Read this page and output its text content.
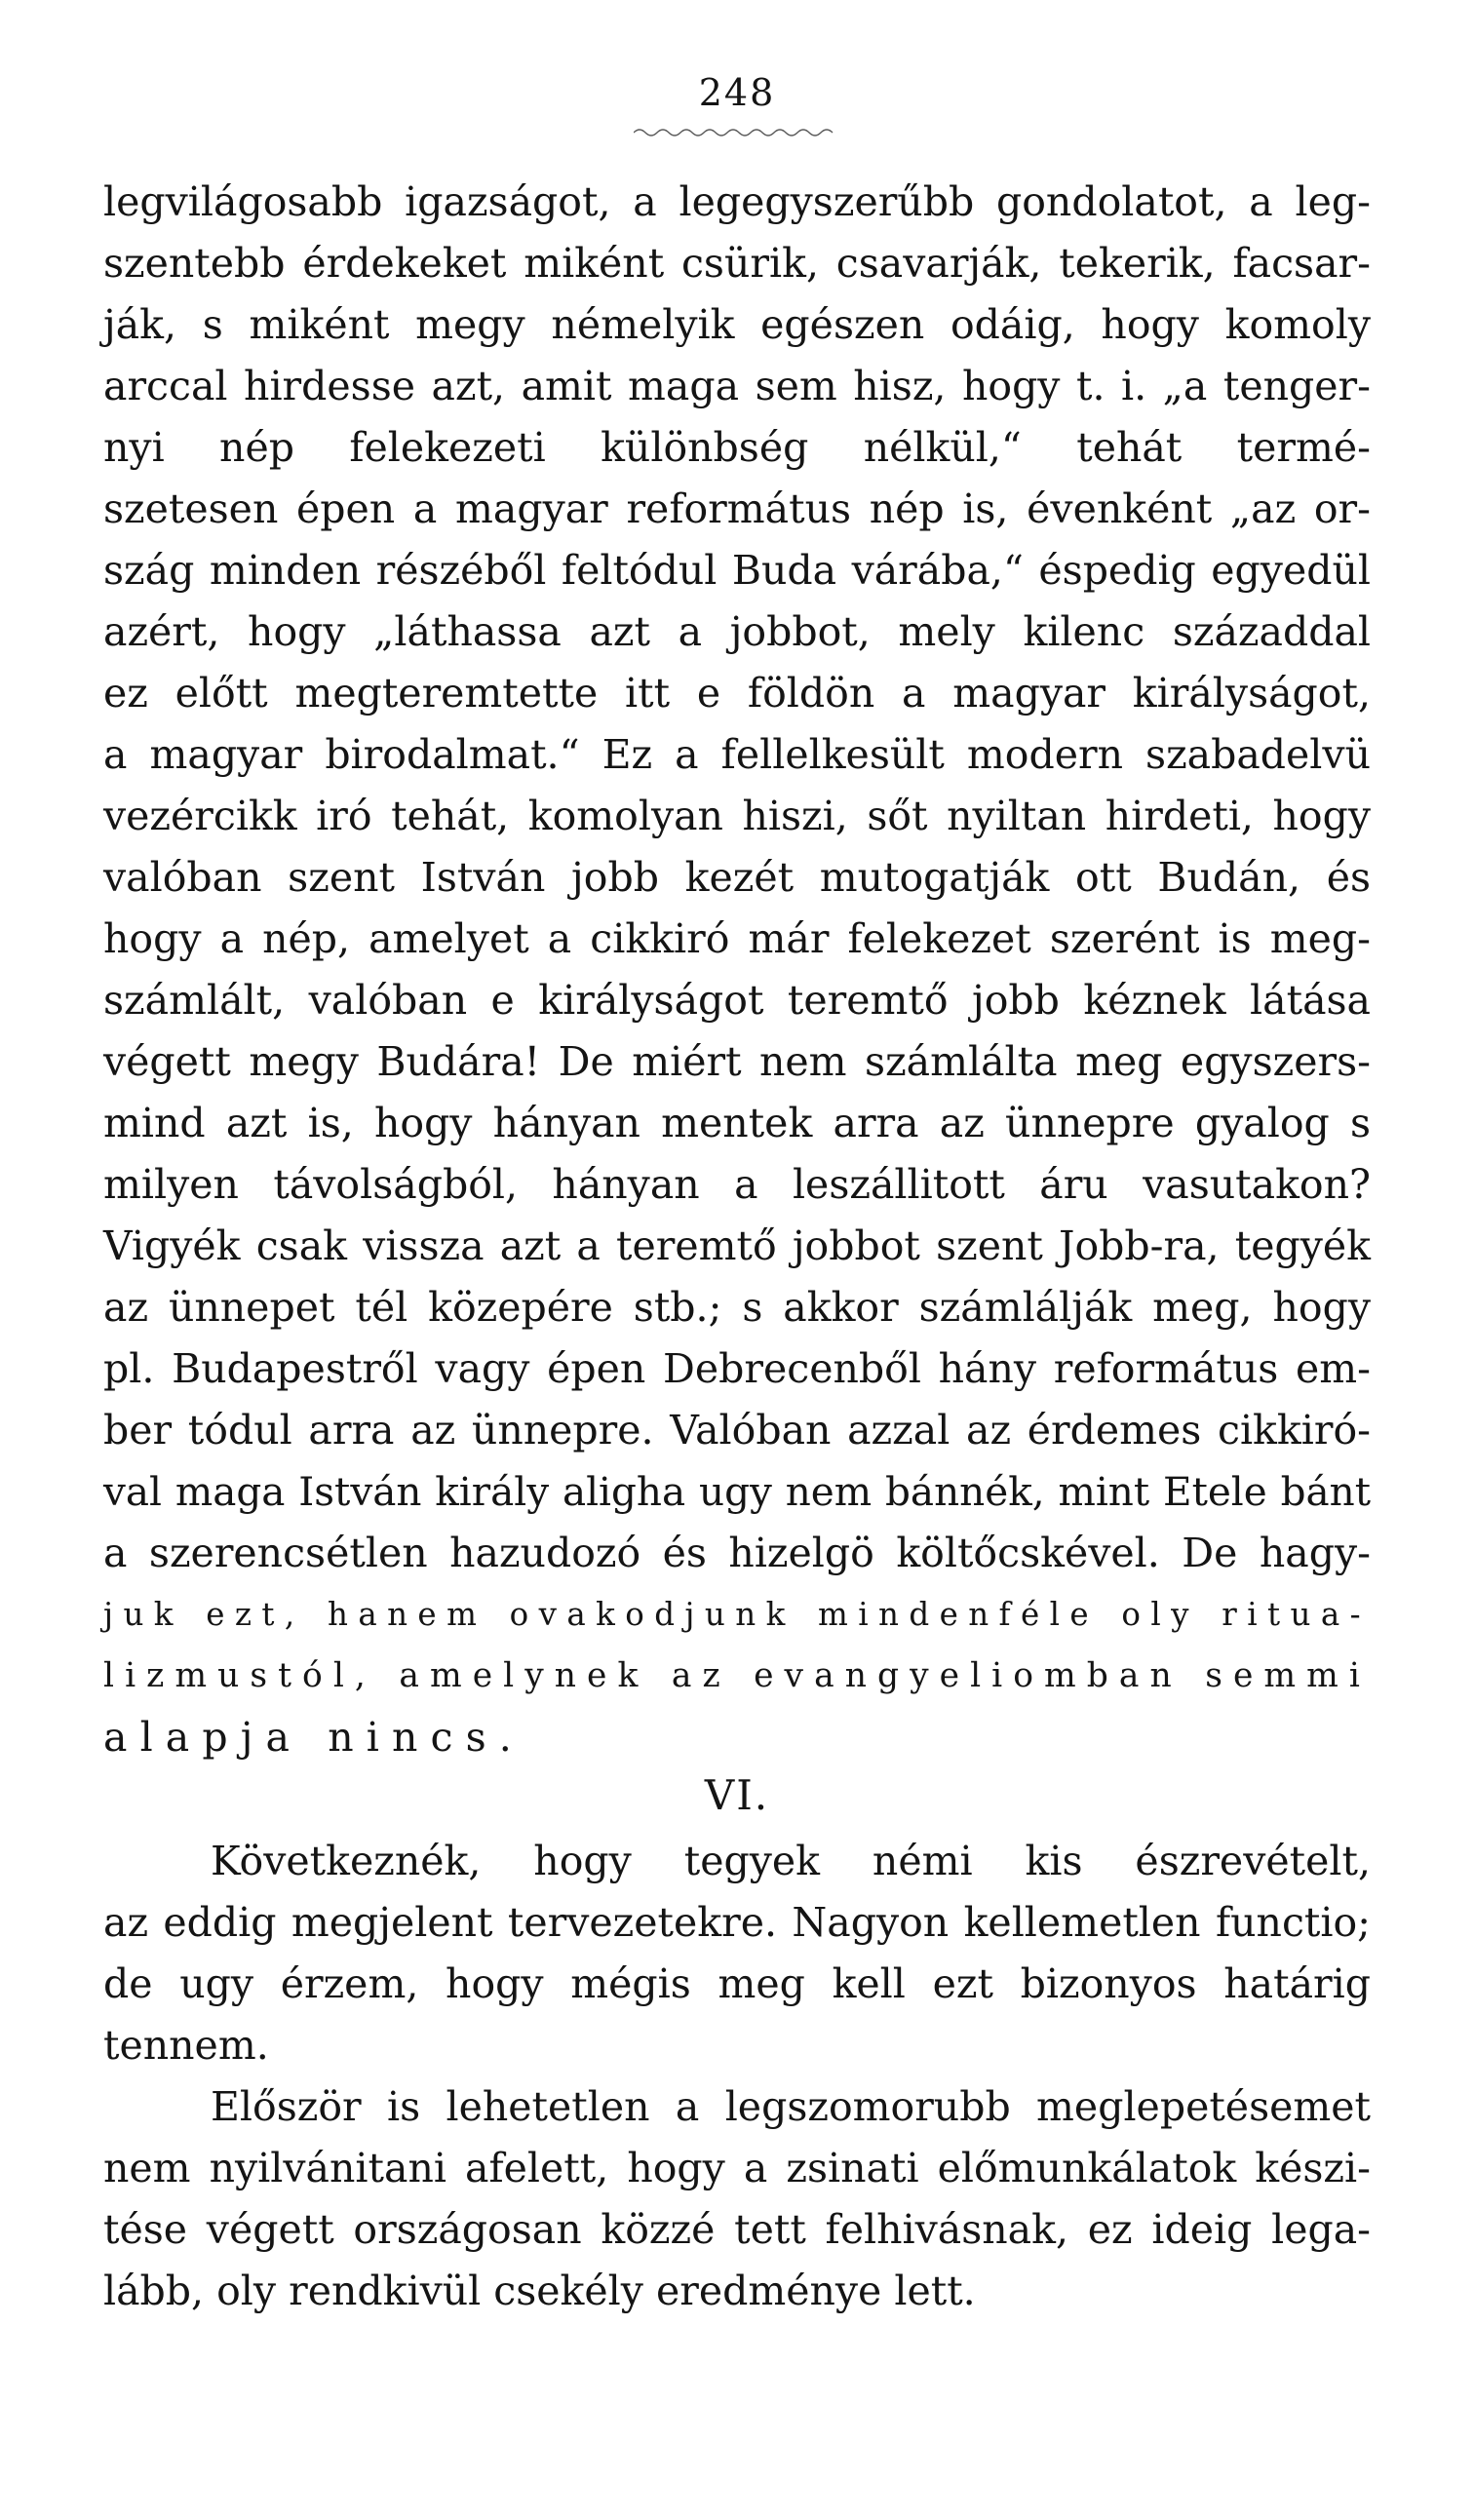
248
legvilágosabb igazságot, a legegyszerűbb gondolatot, a leg-
szentebb érdekeket miként csürik, csavarják, tekerik, facsar-
ják, s miként megy némelyik egészen odáig, hogy komoly
arccal hirdesse azt, amit maga sem hisz, hogy t. i. „a tenger-
nyi nép felekezeti különbség nélkül,“ tehát termé-
szetesen épen a magyar református nép is, évenként „az or-
szág minden részéből feltódul Buda várába,“ éspedig egyedül
azért, hogy „láthassa azt a jobbot, mely kilenc századdal
ez előtt megteremtette itt e földön a magyar királyságot,
a magyar birodalmat.“ Ez a fellelkesült modern szabadelvü
vezércikk iró tehát, komolyan hiszi, sőt nyiltan hirdeti, hogy
valóban szent István jobb kezét mutogatják ott Budán, és
hogy a nép, amelyet a cikkiró már felekezet szerént is meg-
számlált, valóban e királyságot teremtő jobb kéznek látása
végett megy Budára! De miért nem számlálta meg egyszers-
mind azt is, hogy hányan mentek arra az ünnepre gyalog s
milyen távolságból, hányan a leszállitott áru vasutakon?
Vigyék csak vissza azt a teremtő jobbot szent Jobb-ra, tegyék
az ünnepet tél közepére stb.; s akkor számlálják meg, hogy
pl. Budapestről vagy épen Debrecenből hány református em-
ber tódul arra az ünnepre. Valóban azzal az érdemes cikkiró-
val maga István király aligha ugy nem bánnék, mint Etele bánt
a szerencsétlen hazudozó és hizelgö költőcskével. De hagy-
juk ezt, hanem ovakodjunk mindenféle oly ritua-
lizmustól, amelynek az evangyeliomban semmi
alapja nincs.
VI.
Következnék, hogy tegyek némi kis észrevételt,
az eddig megjelent tervezetekre. Nagyon kellemetlen functio;
de ugy érzem, hogy mégis meg kell ezt bizonyos határig
tennem.
Először is lehetetlen a legszomorubb meglepetésemet
nem nyilvánitani afelett, hogy a zsinati előmunkálatok készi-
tése végett országosan közzé tett felhivásnak, ez ideig lega-
lább, oly rendkivül csekély eredménye lett.
